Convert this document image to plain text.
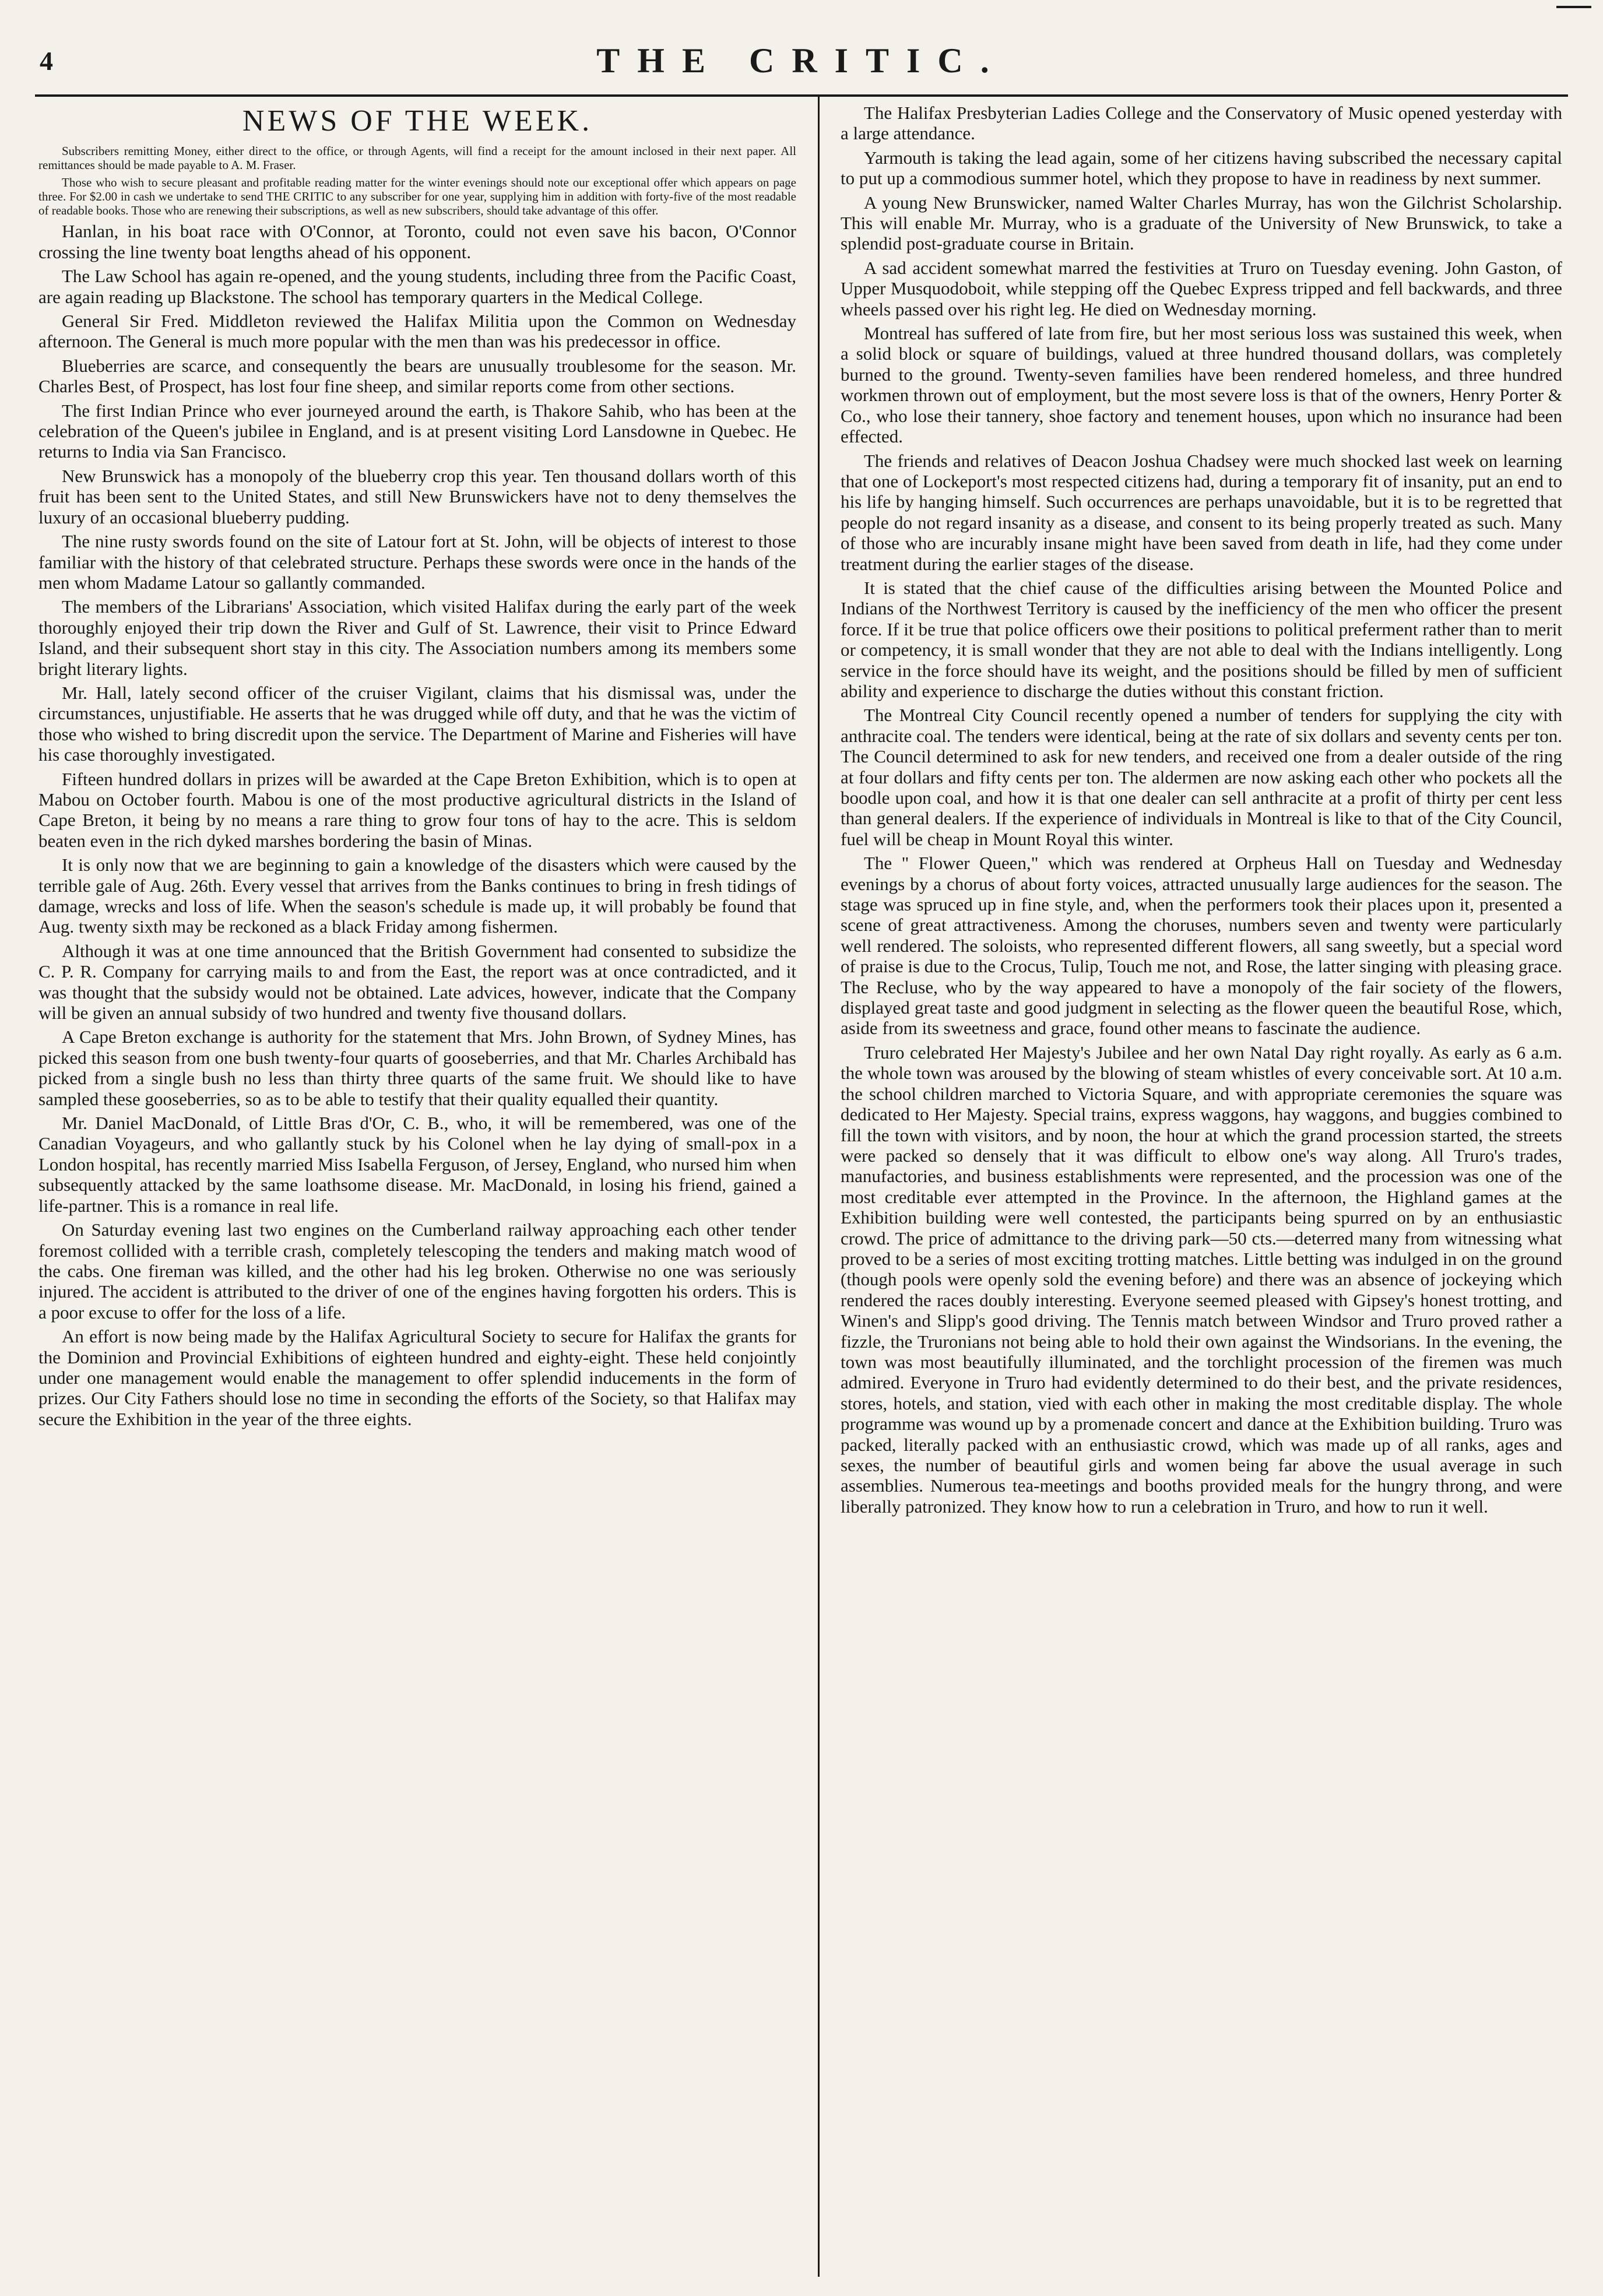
4	THE CRITIC.
NEWS OF THE WEEK.

Subscribers remitting Money, either direct to the office, or through Agents, will find a receipt for the amount inclosed in their next paper. All remittances should be made payable to A. M. Fraser.

Those who wish to secure pleasant and profitable reading matter for the winter evenings should note our exceptional offer which appears on page three. For $2.00 in cash we undertake to send THE CRITIC to any subscriber for one year, supplying him in addition with forty-five of the most readable of readable books. Those who are renewing their subscriptions, as well as new subscribers, should take advantage of this offer.

Hanlan, in his boat race with O'Connor, at Toronto, could not even save his bacon, O'Connor crossing the line twenty boat lengths ahead of his opponent.

The Law School has again re-opened, and the young students, including three from the Pacific Coast, are again reading up Blackstone. The school has temporary quarters in the Medical College.

General Sir Fred. Middleton reviewed the Halifax Militia upon the Common on Wednesday afternoon. The General is much more popular with the men than was his predecessor in office.

Blueberries are scarce, and consequently the bears are unusually troublesome for the season. Mr. Charles Best, of Prospect, has lost four fine sheep, and similar reports come from other sections.

The first Indian Prince who ever journeyed around the earth, is Thakore Sahib, who has been at the celebration of the Queen's jubilee in England, and is at present visiting Lord Lansdowne in Quebec. He returns to India via San Francisco.

New Brunswick has a monopoly of the blueberry crop this year. Ten thousand dollars worth of this fruit has been sent to the United States, and still New Brunswickers have not to deny themselves the luxury of an occasional blueberry pudding.

The nine rusty swords found on the site of Latour fort at St. John, will be objects of interest to those familiar with the history of that celebrated structure. Perhaps these swords were once in the hands of the men whom Madame Latour so gallantly commanded.

The members of the Librarians' Association, which visited Halifax during the early part of the week thoroughly enjoyed their trip down the River and Gulf of St. Lawrence, their visit to Prince Edward Island, and their subsequent short stay in this city. The Association numbers among its members some bright literary lights.

Mr. Hall, lately second officer of the cruiser Vigilant, claims that his dismissal was, under the circumstances, unjustifiable. He asserts that he was drugged while off duty, and that he was the victim of those who wished to bring discredit upon the service. The Department of Marine and Fisheries will have his case thoroughly investigated.

Fifteen hundred dollars in prizes will be awarded at the Cape Breton Exhibition, which is to open at Mabou on October fourth. Mabou is one of the most productive agricultural districts in the Island of Cape Breton, it being by no means a rare thing to grow four tons of hay to the acre. This is seldom beaten even in the rich dyked marshes bordering the basin of Minas.

It is only now that we are beginning to gain a knowledge of the disasters which were caused by the terrible gale of Aug. 26th. Every vessel that arrives from the Banks continues to bring in fresh tidings of damage, wrecks and loss of life. When the season's schedule is made up, it will probably be found that Aug. twenty sixth may be reckoned as a black Friday among fishermen.

Although it was at one time announced that the British Government had consented to subsidize the C. P. R. Company for carrying mails to and from the East, the report was at once contradicted, and it was thought that the subsidy would not be obtained. Late advices, however, indicate that the Company will be given an annual subsidy of two hundred and twenty five thousand dollars.

A Cape Breton exchange is authority for the statement that Mrs. John Brown, of Sydney Mines, has picked this season from one bush twenty-four quarts of gooseberries, and that Mr. Charles Archibald has picked from a single bush no less than thirty three quarts of the same fruit. We should like to have sampled these gooseberries, so as to be able to testify that their quality equalled their quantity.

Mr. Daniel MacDonald, of Little Bras d'Or, C. B., who, it will be remembered, was one of the Canadian Voyageurs, and who gallantly stuck by his Colonel when he lay dying of small-pox in a London hospital, has recently married Miss Isabella Ferguson, of Jersey, England, who nursed him when subsequently attacked by the same loathsome disease. Mr. MacDonald, in losing his friend, gained a life-partner. This is a romance in real life.

On Saturday evening last two engines on the Cumberland railway approaching each other tender foremost collided with a terrible crash, completely telescoping the tenders and making match wood of the cabs. One fireman was killed, and the other had his leg broken. Otherwise no one was seriously injured. The accident is attributed to the driver of one of the engines having forgotten his orders. This is a poor excuse to offer for the loss of a life.

An effort is now being made by the Halifax Agricultural Society to secure for Halifax the grants for the Dominion and Provincial Exhibitions of eighteen hundred and eighty-eight. These held conjointly under one management would enable the management to offer splendid inducements in the form of prizes. Our City Fathers should lose no time in seconding the efforts of the Society, so that Halifax may secure the Exhibition in the year of the three eights.

The Halifax Presbyterian Ladies College and the Conservatory of Music opened yesterday with a large attendance.

Yarmouth is taking the lead again, some of her citizens having subscribed the necessary capital to put up a commodious summer hotel, which they propose to have in readiness by next summer.

A young New Brunswicker, named Walter Charles Murray, has won the Gilchrist Scholarship. This will enable Mr. Murray, who is a graduate of the University of New Brunswick, to take a splendid post-graduate course in Britain.

A sad accident somewhat marred the festivities at Truro on Tuesday evening. John Gaston, of Upper Musquodoboit, while stepping off the Quebec Express tripped and fell backwards, and three wheels passed over his right leg. He died on Wednesday morning.

Montreal has suffered of late from fire, but her most serious loss was sustained this week, when a solid block or square of buildings, valued at three hundred thousand dollars, was completely burned to the ground. Twenty-seven families have been rendered homeless, and three hundred workmen thrown out of employment, but the most severe loss is that of the owners, Henry Porter & Co., who lose their tannery, shoe factory and tenement houses, upon which no insurance had been effected.

The friends and relatives of Deacon Joshua Chadsey were much shocked last week on learning that one of Lockeport's most respected citizens had, during a temporary fit of insanity, put an end to his life by hanging himself. Such occurrences are perhaps unavoidable, but it is to be regretted that people do not regard insanity as a disease, and consent to its being properly treated as such. Many of those who are incurably insane might have been saved from death in life, had they come under treatment during the earlier stages of the disease.

It is stated that the chief cause of the difficulties arising between the Mounted Police and Indians of the Northwest Territory is caused by the inefficiency of the men who officer the present force. If it be true that police officers owe their positions to political preferment rather than to merit or competency, it is small wonder that they are not able to deal with the Indians intelligently. Long service in the force should have its weight, and the positions should be filled by men of sufficient ability and experience to discharge the duties without this constant friction.

The Montreal City Council recently opened a number of tenders for supplying the city with anthracite coal. The tenders were identical, being at the rate of six dollars and seventy cents per ton. The Council determined to ask for new tenders, and received one from a dealer outside of the ring at four dollars and fifty cents per ton. The aldermen are now asking each other who pockets all the boodle upon coal, and how it is that one dealer can sell anthracite at a profit of thirty per cent less than general dealers. If the experience of individuals in Montreal is like to that of the City Council, fuel will be cheap in Mount Royal this winter.

The " Flower Queen," which was rendered at Orpheus Hall on Tuesday and Wednesday evenings by a chorus of about forty voices, attracted unusually large audiences for the season. The stage was spruced up in fine style, and, when the performers took their places upon it, presented a scene of great attractiveness. Among the choruses, numbers seven and twenty were particularly well rendered. The soloists, who represented different flowers, all sang sweetly, but a special word of praise is due to the Crocus, Tulip, Touch me not, and Rose, the latter singing with pleasing grace. The Recluse, who by the way appeared to have a monopoly of the fair society of the flowers, displayed great taste and good judgment in selecting as the flower queen the beautiful Rose, which, aside from its sweetness and grace, found other means to fascinate the audience.

Truro celebrated Her Majesty's Jubilee and her own Natal Day right royally. As early as 6 a.m. the whole town was aroused by the blowing of steam whistles of every conceivable sort. At 10 a.m. the school children marched to Victoria Square, and with appropriate ceremonies the square was dedicated to Her Majesty. Special trains, express waggons, hay waggons, and buggies combined to fill the town with visitors, and by noon, the hour at which the grand procession started, the streets were packed so densely that it was difficult to elbow one's way along. All Truro's trades, manufactories, and business establishments were represented, and the procession was one of the most creditable ever attempted in the Province. In the afternoon, the Highland games at the Exhibition building were well contested, the participants being spurred on by an enthusiastic crowd. The price of admittance to the driving park—50 cts.—deterred many from witnessing what proved to be a series of most exciting trotting matches. Little betting was indulged in on the ground (though pools were openly sold the evening before) and there was an absence of jockeying which rendered the races doubly interesting. Everyone seemed pleased with Gipsey's honest trotting, and Winen's and Slipp's good driving. The Tennis match between Windsor and Truro proved rather a fizzle, the Truronians not being able to hold their own against the Windsorians. In the evening, the town was most beautifully illuminated, and the torchlight procession of the firemen was much admired. Everyone in Truro had evidently determined to do their best, and the private residences, stores, hotels, and station, vied with each other in making the most creditable display. The whole programme was wound up by a promenade concert and dance at the Exhibition building. Truro was packed, literally packed with an enthusiastic crowd, which was made up of all ranks, ages and sexes, the number of beautiful girls and women being far above the usual average in such assemblies. Numerous tea-meetings and booths provided meals for the hungry throng, and were liberally patronized. They know how to run a celebration in Truro, and how to run it well.
